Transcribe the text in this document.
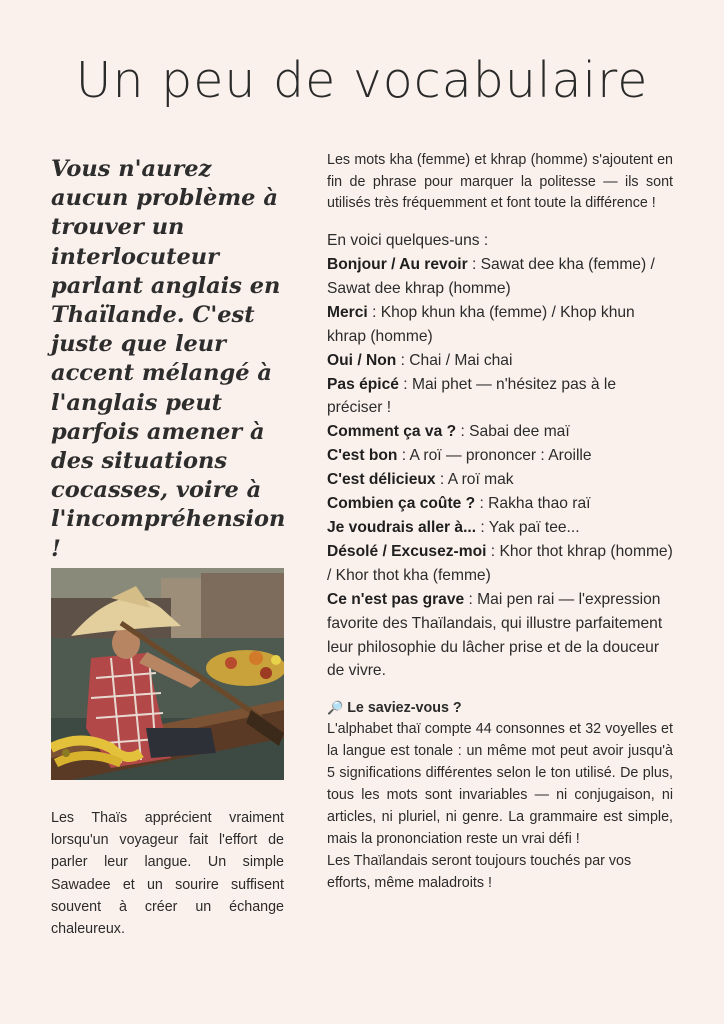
Un peu de vocabulaire
Vous n'aurez aucun problème à trouver un interlocuteur parlant anglais en Thaïlande. C'est juste que leur accent mélangé à l'anglais peut parfois amener à des situations cocasses, voire à l'incompréhension !
Les Thaïs apprécient vraiment lorsqu'un voyageur fait l'effort de parler leur langue. Un simple Sawadee et un sourire suffisent souvent à créer un échange chaleureux.

Les mots kha (femme) et khrap (homme) s'ajoutent en fin de phrase pour marquer la politesse — ils sont utilisés très fréquemment et font toute la différence !

En voici quelques-uns :

Bonjour / Au revoir : Sawat dee kha (femme) / Sawat dee khrap (homme)
Merci : Khop khun kha (femme) / Khop khun khrap (homme)
Oui / Non : Chai / Mai chai
Pas épicé : Mai phet — n'hésitez pas à le préciser !
Comment ça va ? : Sabai dee maï
C'est bon : A roï — prononcer : Aroille
C'est délicieux : A roï mak
Combien ça coûte ? : Rakha thao raï
Je voudrais aller à... : Yak paï tee...
Désolé / Excusez-moi : Khor thot khrap (homme) / Khor thot kha (femme)
Ce n'est pas grave : Mai pen rai — l'expression favorite des Thaïlandais, qui illustre parfaitement leur philosophie du lâcher prise et de la douceur de vivre.
🔎 Le saviez-vous ?

L'alphabet thaï compte 44 consonnes et 32 voyelles et la langue est tonale : un même mot peut avoir jusqu'à 5 significations différentes selon le ton utilisé. De plus, tous les mots sont invariables — ni conjugaison, ni articles, ni pluriel, ni genre. La grammaire est simple, mais la prononciation reste un vrai défi !

Les Thaïlandais seront toujours touchés par vos efforts, même maladroits !
